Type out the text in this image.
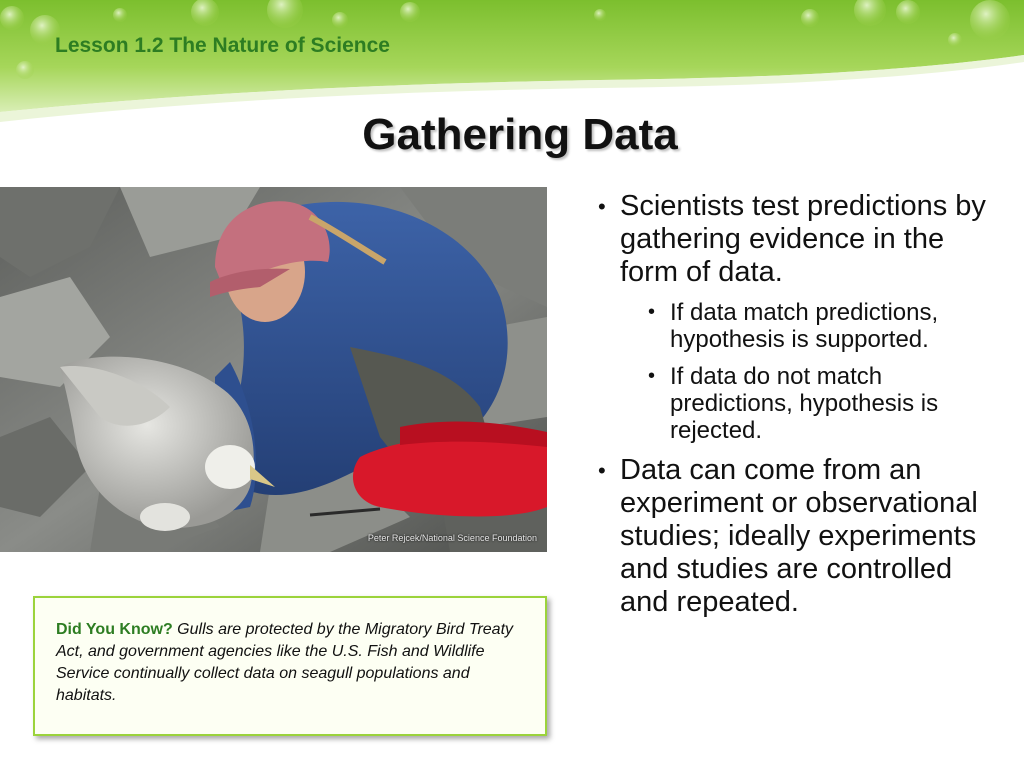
Lesson 1.2 The Nature of Science
Gathering Data
Peter Rejcek/National Science Foundation
• Scientists test predictions by gathering evidence in the form of data.
• If data match predictions, hypothesis is supported.
• If data do not match predictions, hypothesis is rejected.
• Data can come from an experiment or observational studies; ideally experiments and studies are controlled and repeated.
Did You Know? Gulls are protected by the Migratory Bird Treaty Act, and government agencies like the U.S. Fish and Wildlife Service continually collect data on seagull populations and habitats.
